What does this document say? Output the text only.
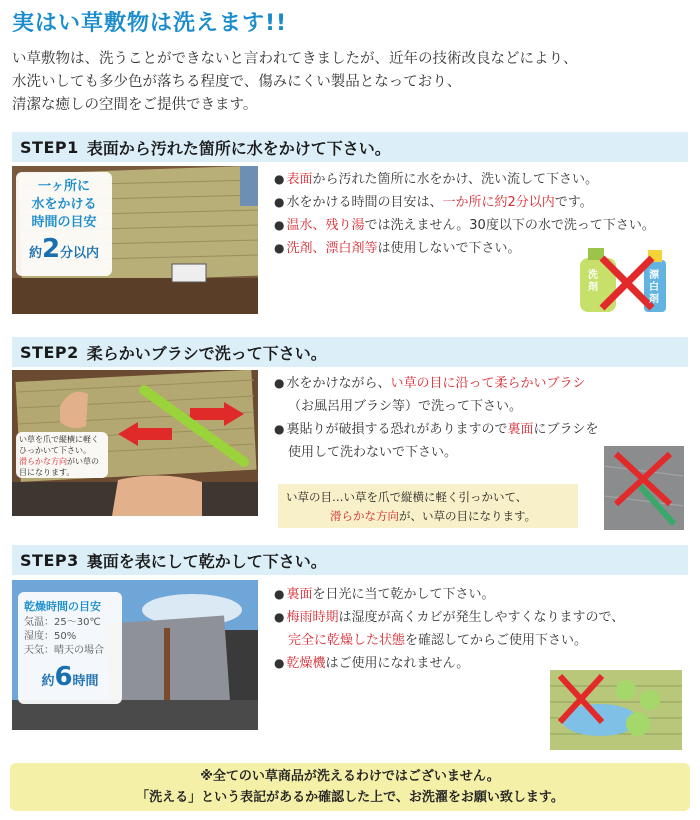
実はい草敷物は洗えます!!
い草敷物は、洗うことができないと言われてきましたが、近年の技術改良などにより、
水洗いしても多少色が落ちる程度で、傷みにくい製品となっており、
清潔な癒しの空間をご提供できます。
STEP1 表面から汚れた箇所に水をかけて下さい。
一ヶ所に
水をかける
時間の目安
約2分以内
● 表面から汚れた箇所に水をかけ、洗い流して下さい。
● 水をかける時間の目安は、一か所に約2分以内です。
● 温水、残り湯では洗えません。30度以下の水で洗って下さい。
● 洗剤、漂白剤等は使用しないで下さい。
洗剤
漂白剤
STEP2 柔らかいブラシで洗って下さい。
い草を爪で縦横に軽く
ひっかいて下さい。
滑らかな方向がい草の
目になります。
● 水をかけながら、い草の目に沿って柔らかいブラシ
（お風呂用ブラシ等）で洗って下さい。
● 裏貼りが破損する恐れがありますので裏面にブラシを
使用して洗わないで下さい。
い草の目…い草を爪で縦横に軽く引っかいて、
滑らかな方向が、い草の目になります。
STEP3 裏面を表にして乾かして下さい。
乾燥時間の目安
気温：25～30℃
湿度：50%
天気：晴天の場合
約6時間
● 裏面を日光に当て乾かして下さい。
● 梅雨時期は湿度が高くカビが発生しやすくなりますので、
完全に乾燥した状態を確認してからご使用下さい。
● 乾燥機はご使用になれません。
※全てのい草商品が洗えるわけではございません。
「洗える」という表記があるか確認した上で、お洗濯をお願い致します。
